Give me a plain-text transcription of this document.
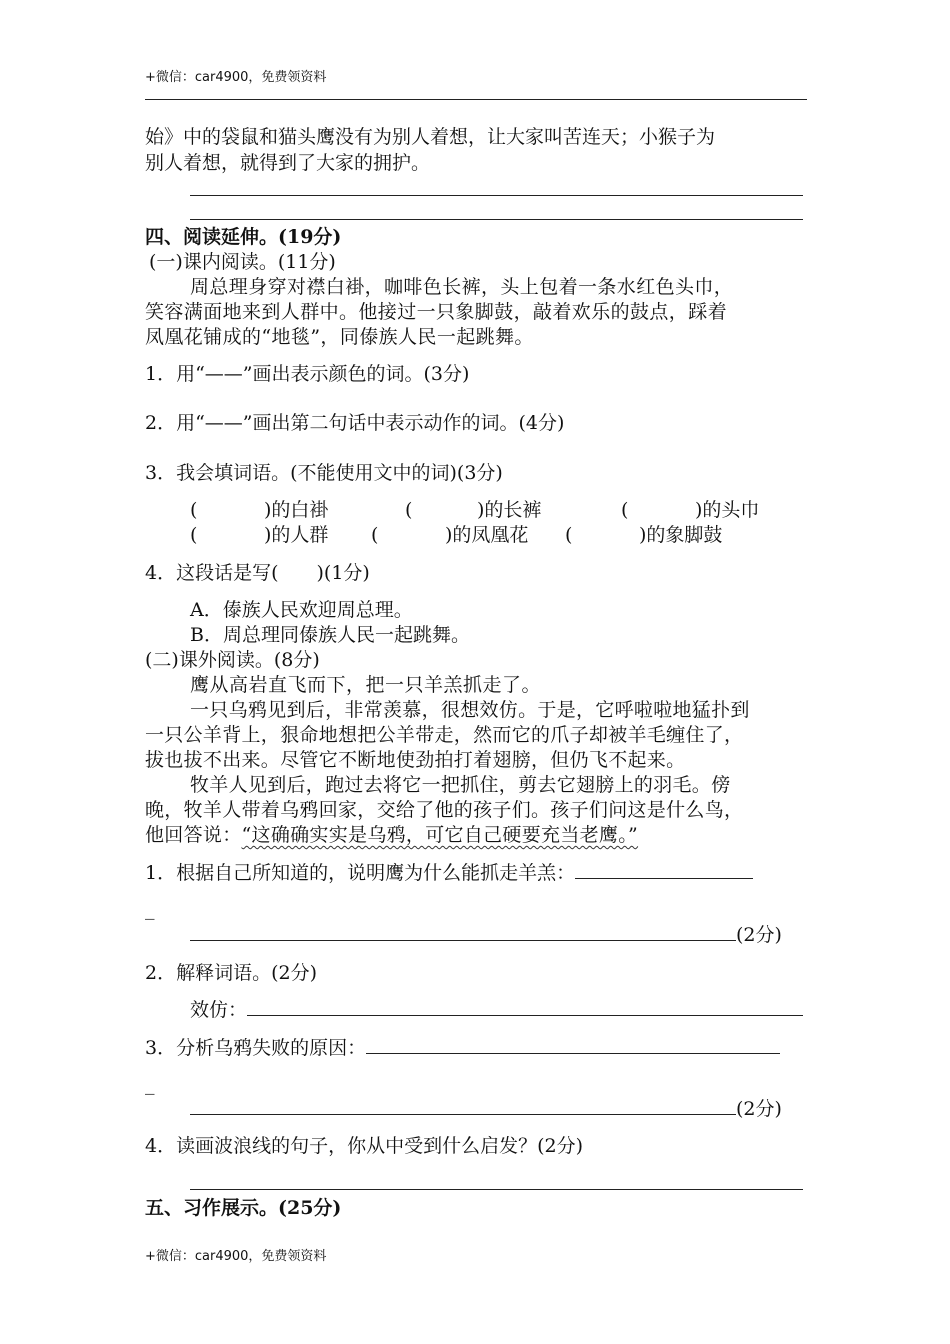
+微信：car4900，免费领资料
始》中的袋鼠和猫头鹰没有为别人着想，让大家叫苦连天；小猴子为
别人着想，就得到了大家的拥护。
四、阅读延伸。(19分)
(一)课内阅读。(11分)
周总理身穿对襟白褂，咖啡色长裤，头上包着一条水红色头巾，
笑容满面地来到人群中。他接过一只象脚鼓，敲着欢乐的鼓点，踩着
凤凰花铺成的“地毯”，同傣族人民一起跳舞。
1．用“——”画出表示颜色的词。(3分)
2．用“——”画出第二句话中表示动作的词。(4分)
3．我会填词语。(不能使用文中的词)(3分)
(	)的白褂	(	)的长裤	(	)的头巾
(	)的人群 (	)的凤凰花 (	)的象脚鼓
4．这段话是写(　　)(1分)
A．傣族人民欢迎周总理。
B．周总理同傣族人民一起跳舞。
(二)课外阅读。(8分)
鹰从高岩直飞而下，把一只羊羔抓走了。
一只乌鸦见到后，非常羡慕，很想效仿。于是，它呼啦啦地猛扑到
一只公羊背上，狠命地想把公羊带走，然而它的爪子却被羊毛缠住了，
拔也拔不出来。尽管它不断地使劲拍打着翅膀，但仍飞不起来。
牧羊人见到后，跑过去将它一把抓住，剪去它翅膀上的羽毛。傍
晚，牧羊人带着乌鸦回家，交给了他的孩子们。孩子们问这是什么鸟，
他回答说：“这确确实实是乌鸦，可它自己硬要充当老鹰。”
1．根据自己所知道的，说明鹰为什么能抓走羊羔：
_
(2分)
2．解释词语。(2分)
效仿：
3．分析乌鸦失败的原因：
_
(2分)
4．读画波浪线的句子，你从中受到什么启发？(2分)
五、习作展示。(25分)
+微信：car4900，免费领资料
